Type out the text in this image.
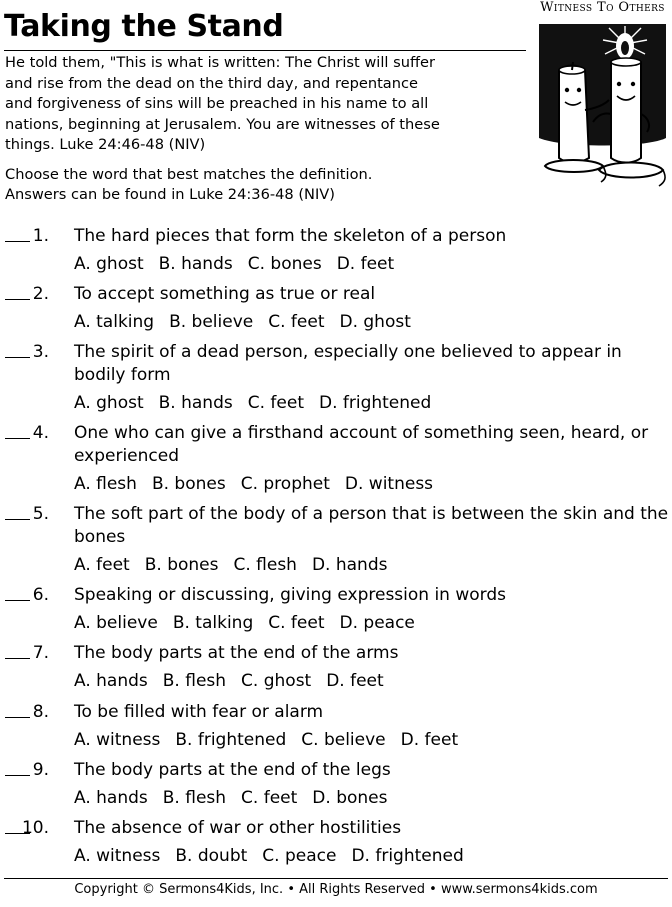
Taking the Stand
He told them, "This is what is written: The Christ will suffer
and rise from the dead on the third day, and repentance
and forgiveness of sins will be preached in his name to all
nations, beginning at Jerusalem. You are witnesses of these
things. Luke 24:46-48 (NIV)
Choose the word that best matches the definition.
Answers can be found in Luke 24:36-48 (NIV)
Witness To Others
1. The hard pieces that form the skeleton of a person
A. ghost B. hands C. bones D. feet
2. To accept something as true or real
A. talking B. believe C. feet D. ghost
3. The spirit of a dead person, especially one believed to appear in bodily form
A. ghost B. hands C. feet D. frightened
4. One who can give a firsthand account of something seen, heard, or experienced
A. flesh B. bones C. prophet D. witness
5. The soft part of the body of a person that is between the skin and the bones
A. feet B. bones C. flesh D. hands
6. Speaking or discussing, giving expression in words
A. believe B. talking C. feet D. peace
7. The body parts at the end of the arms
A. hands B. flesh C. ghost D. feet
8. To be filled with fear or alarm
A. witness B. frightened C. believe D. feet
9. The body parts at the end of the legs
A. hands B. flesh C. feet D. bones
10. The absence of war or other hostilities
A. witness B. doubt C. peace D. frightened
Copyright © Sermons4Kids, Inc. • All Rights Reserved • www.sermons4kids.com
